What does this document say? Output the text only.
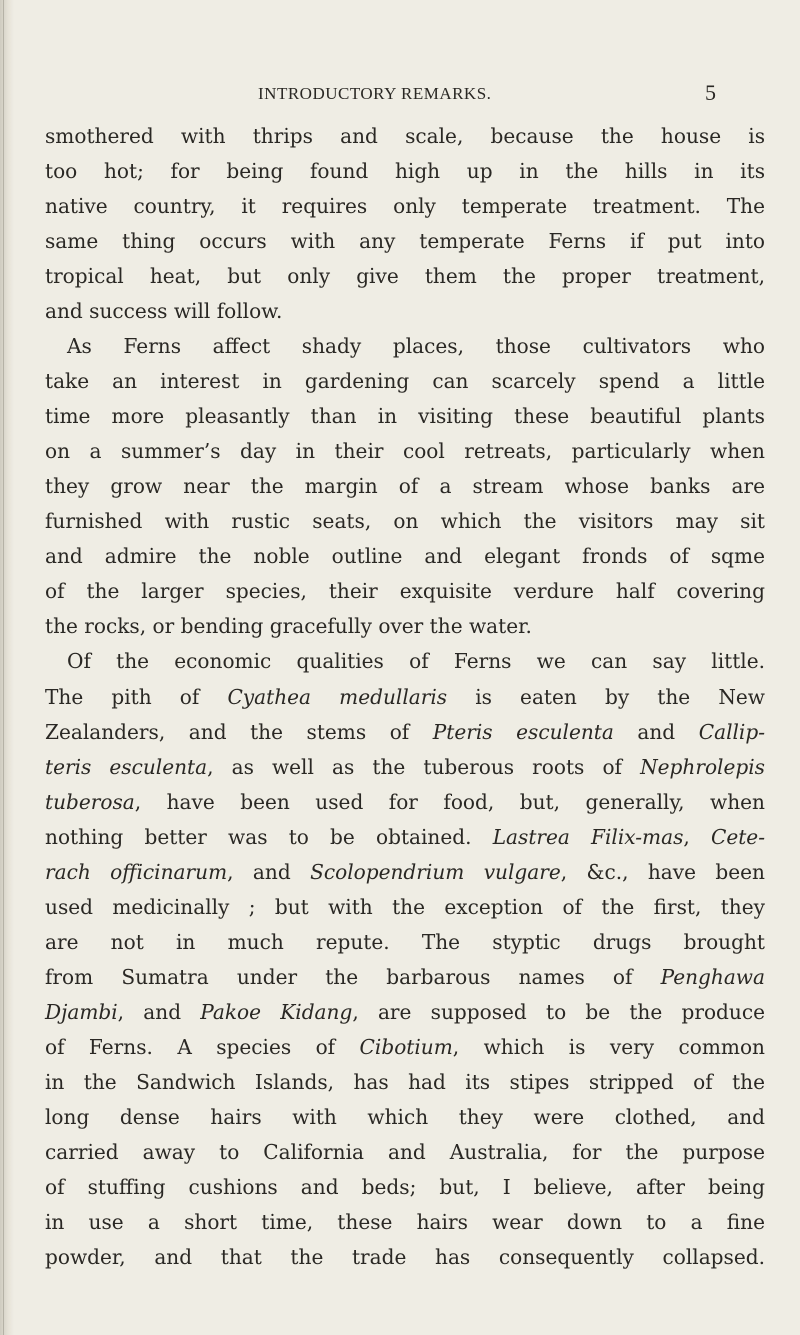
INTRODUCTORY REMARKS.	5
smothered with thrips and scale, because the house is
too hot; for being found high up in the hills in its
native country, it requires only temperate treatment. The
same thing occurs with any temperate Ferns if put into
tropical heat, but only give them the proper treatment,
and success will follow.
As Ferns affect shady places, those cultivators who
take an interest in gardening can scarcely spend a little
time more pleasantly than in visiting these beautiful plants
on a summer’s day in their cool retreats, particularly when
they grow near the margin of a stream whose banks are
furnished with rustic seats, on which the visitors may sit
and admire the noble outline and elegant fronds of sqme
of the larger species, their exquisite verdure half covering
the rocks, or bending gracefully over the water.
Of the economic qualities of Ferns we can say little.
The pith of Cyathea medullaris is eaten by the New
Zealanders, and the stems of Pteris esculenta and Callip-
teris esculenta, as well as the tuberous roots of Nephrolepis
tuberosa, have been used for food, but, generally, when
nothing better was to be obtained. Lastrea Filix-mas, Cete-
rach officinarum, and Scolopendrium vulgare, &c., have been
used medicinally ; but with the exception of the first, they
are not in much repute. The styptic drugs brought
from Sumatra under the barbarous names of Penghawa
Djambi, and Pakoe Kidang, are supposed to be the produce
of Ferns. A species of Cibotium, which is very common
in the Sandwich Islands, has had its stipes stripped of the
long dense hairs with which they were clothed, and
carried away to California and Australia, for the purpose
of stuffing cushions and beds; but, I believe, after being
in use a short time, these hairs wear down to a fine
powder, and that the trade has consequently collapsed.
